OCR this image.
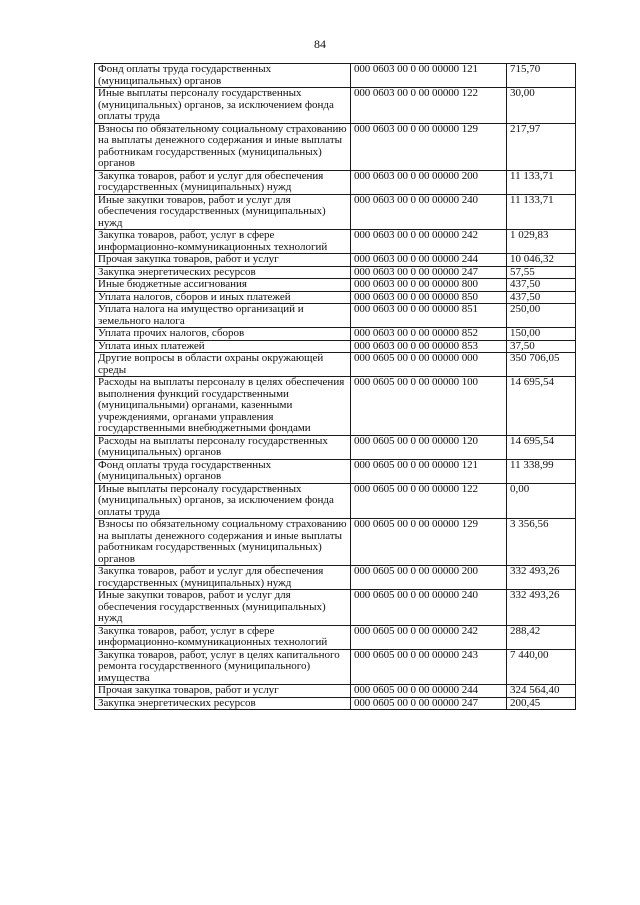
84
Фонд оплаты труда государственных (муниципальных) органов	000 0603 00 0 00 00000 121	715,70
Иные выплаты персоналу государственных (муниципальных) органов, за исключением фонда оплаты труда	000 0603 00 0 00 00000 122	30,00
Взносы по обязательному социальному страхованию на выплаты денежного содержания и иные выплаты работникам государственных (муниципальных) органов	000 0603 00 0 00 00000 129	217,97
Закупка товаров, работ и услуг для обеспечения государственных (муниципальных) нужд	000 0603 00 0 00 00000 200	11 133,71
Иные закупки товаров, работ и услуг для обеспечения государственных (муниципальных) нужд	000 0603 00 0 00 00000 240	11 133,71
Закупка товаров, работ, услуг в сфере информационно-коммуникационных технологий	000 0603 00 0 00 00000 242	1 029,83
Прочая закупка товаров, работ и услуг	000 0603 00 0 00 00000 244	10 046,32
Закупка энергетических ресурсов	000 0603 00 0 00 00000 247	57,55
Иные бюджетные ассигнования	000 0603 00 0 00 00000 800	437,50
Уплата налогов, сборов и иных платежей	000 0603 00 0 00 00000 850	437,50
Уплата налога на имущество организаций и земельного налога	000 0603 00 0 00 00000 851	250,00
Уплата прочих налогов, сборов	000 0603 00 0 00 00000 852	150,00
Уплата иных платежей	000 0603 00 0 00 00000 853	37,50
Другие вопросы в области охраны окружающей среды	000 0605 00 0 00 00000 000	350 706,05
Расходы на выплаты персоналу в целях обеспечения выполнения функций государственными (муниципальными) органами, казенными учреждениями, органами управления государственными внебюджетными фондами	000 0605 00 0 00 00000 100	14 695,54
Расходы на выплаты персоналу государственных (муниципальных) органов	000 0605 00 0 00 00000 120	14 695,54
Фонд оплаты труда государственных (муниципальных) органов	000 0605 00 0 00 00000 121	11 338,99
Иные выплаты персоналу государственных (муниципальных) органов, за исключением фонда оплаты труда	000 0605 00 0 00 00000 122	0,00
Взносы по обязательному социальному страхованию на выплаты денежного содержания и иные выплаты работникам государственных (муниципальных) органов	000 0605 00 0 00 00000 129	3 356,56
Закупка товаров, работ и услуг для обеспечения государственных (муниципальных) нужд	000 0605 00 0 00 00000 200	332 493,26
Иные закупки товаров, работ и услуг для обеспечения государственных (муниципальных) нужд	000 0605 00 0 00 00000 240	332 493,26
Закупка товаров, работ, услуг в сфере информационно-коммуникационных технологий	000 0605 00 0 00 00000 242	288,42
Закупка товаров, работ, услуг в целях капитального ремонта государственного (муниципального) имущества	000 0605 00 0 00 00000 243	7 440,00
Прочая закупка товаров, работ и услуг	000 0605 00 0 00 00000 244	324 564,40
Закупка энергетических ресурсов	000 0605 00 0 00 00000 247	200,45
